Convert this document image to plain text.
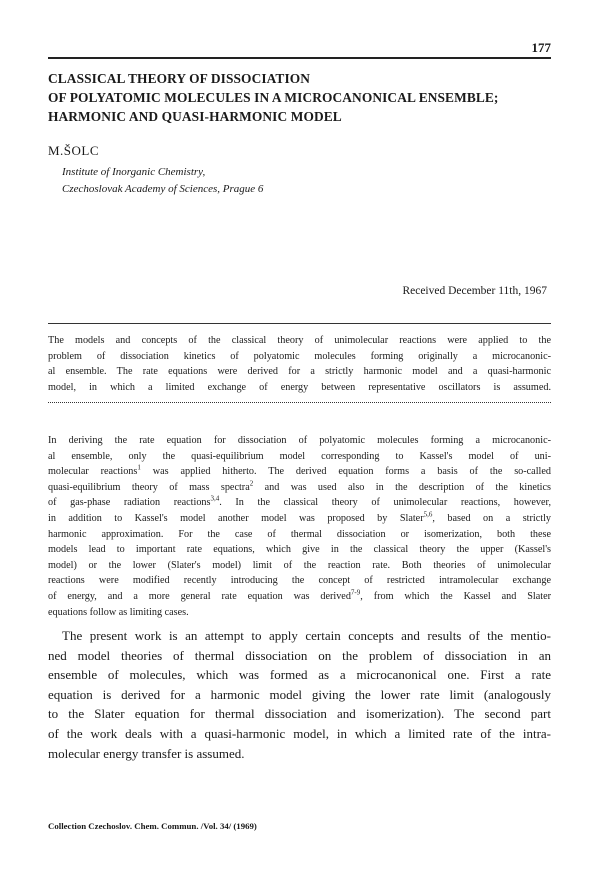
177
CLASSICAL THEORY OF DISSOCIATION
OF POLYATOMIC MOLECULES IN A MICROCANONICAL ENSEMBLE;
HARMONIC AND QUASI-HARMONIC MODEL
M.ŠOLC
Institute of Inorganic Chemistry,
Czechoslovak Academy of Sciences, Prague 6
Received December 11th, 1967
The models and concepts of the classical theory of unimolecular reactions were applied to the
problem of dissociation kinetics of polyatomic molecules forming originally a microcanonic-
al ensemble. The rate equations were derived for a strictly harmonic model and a quasi-harmonic
model, in which a limited exchange of energy between representative oscillators is assumed.
In deriving the rate equation for dissociation of polyatomic molecules forming a microcanonic-
al ensemble, only the quasi-equilibrium model corresponding to Kassel's model of uni-
molecular reactions$^1$ was applied hitherto. The derived equation forms a basis of the so-called
quasi-equilibrium theory of mass spectra$^2$ and was used also in the description of the kinetics
of gas-phase radiation reactions$^{3,4}$. In the classical theory of unimolecular reactions, however,
in addition to Kassel's model another model was proposed by Slater$^{5,6}$, based on a strictly
harmonic approximation. For the case of thermal dissociation or isomerization, both these
models lead to important rate equations, which give in the classical theory the upper (Kassel's
model) or the lower (Slater's model) limit of the reaction rate. Both theories of unimolecular
reactions were modified recently introducing the concept of restricted intramolecular exchange
of energy, and a more general rate equation was derived$^{7-9}$, from which the Kassel and Slater
equations follow as limiting cases.
The present work is an attempt to apply certain concepts and results of the mentio-
ned model theories of thermal dissociation on the problem of dissociation in an
ensemble of molecules, which was formed as a microcanonical one. First a rate
equation is derived for a harmonic model giving the lower rate limit (analogously
to the Slater equation for thermal dissociation and isomerization). The second part
of the work deals with a quasi-harmonic model, in which a limited rate of the intra-
molecular energy transfer is assumed.
Collection Czechoslov. Chem. Commun. /Vol. 34/ (1969)
